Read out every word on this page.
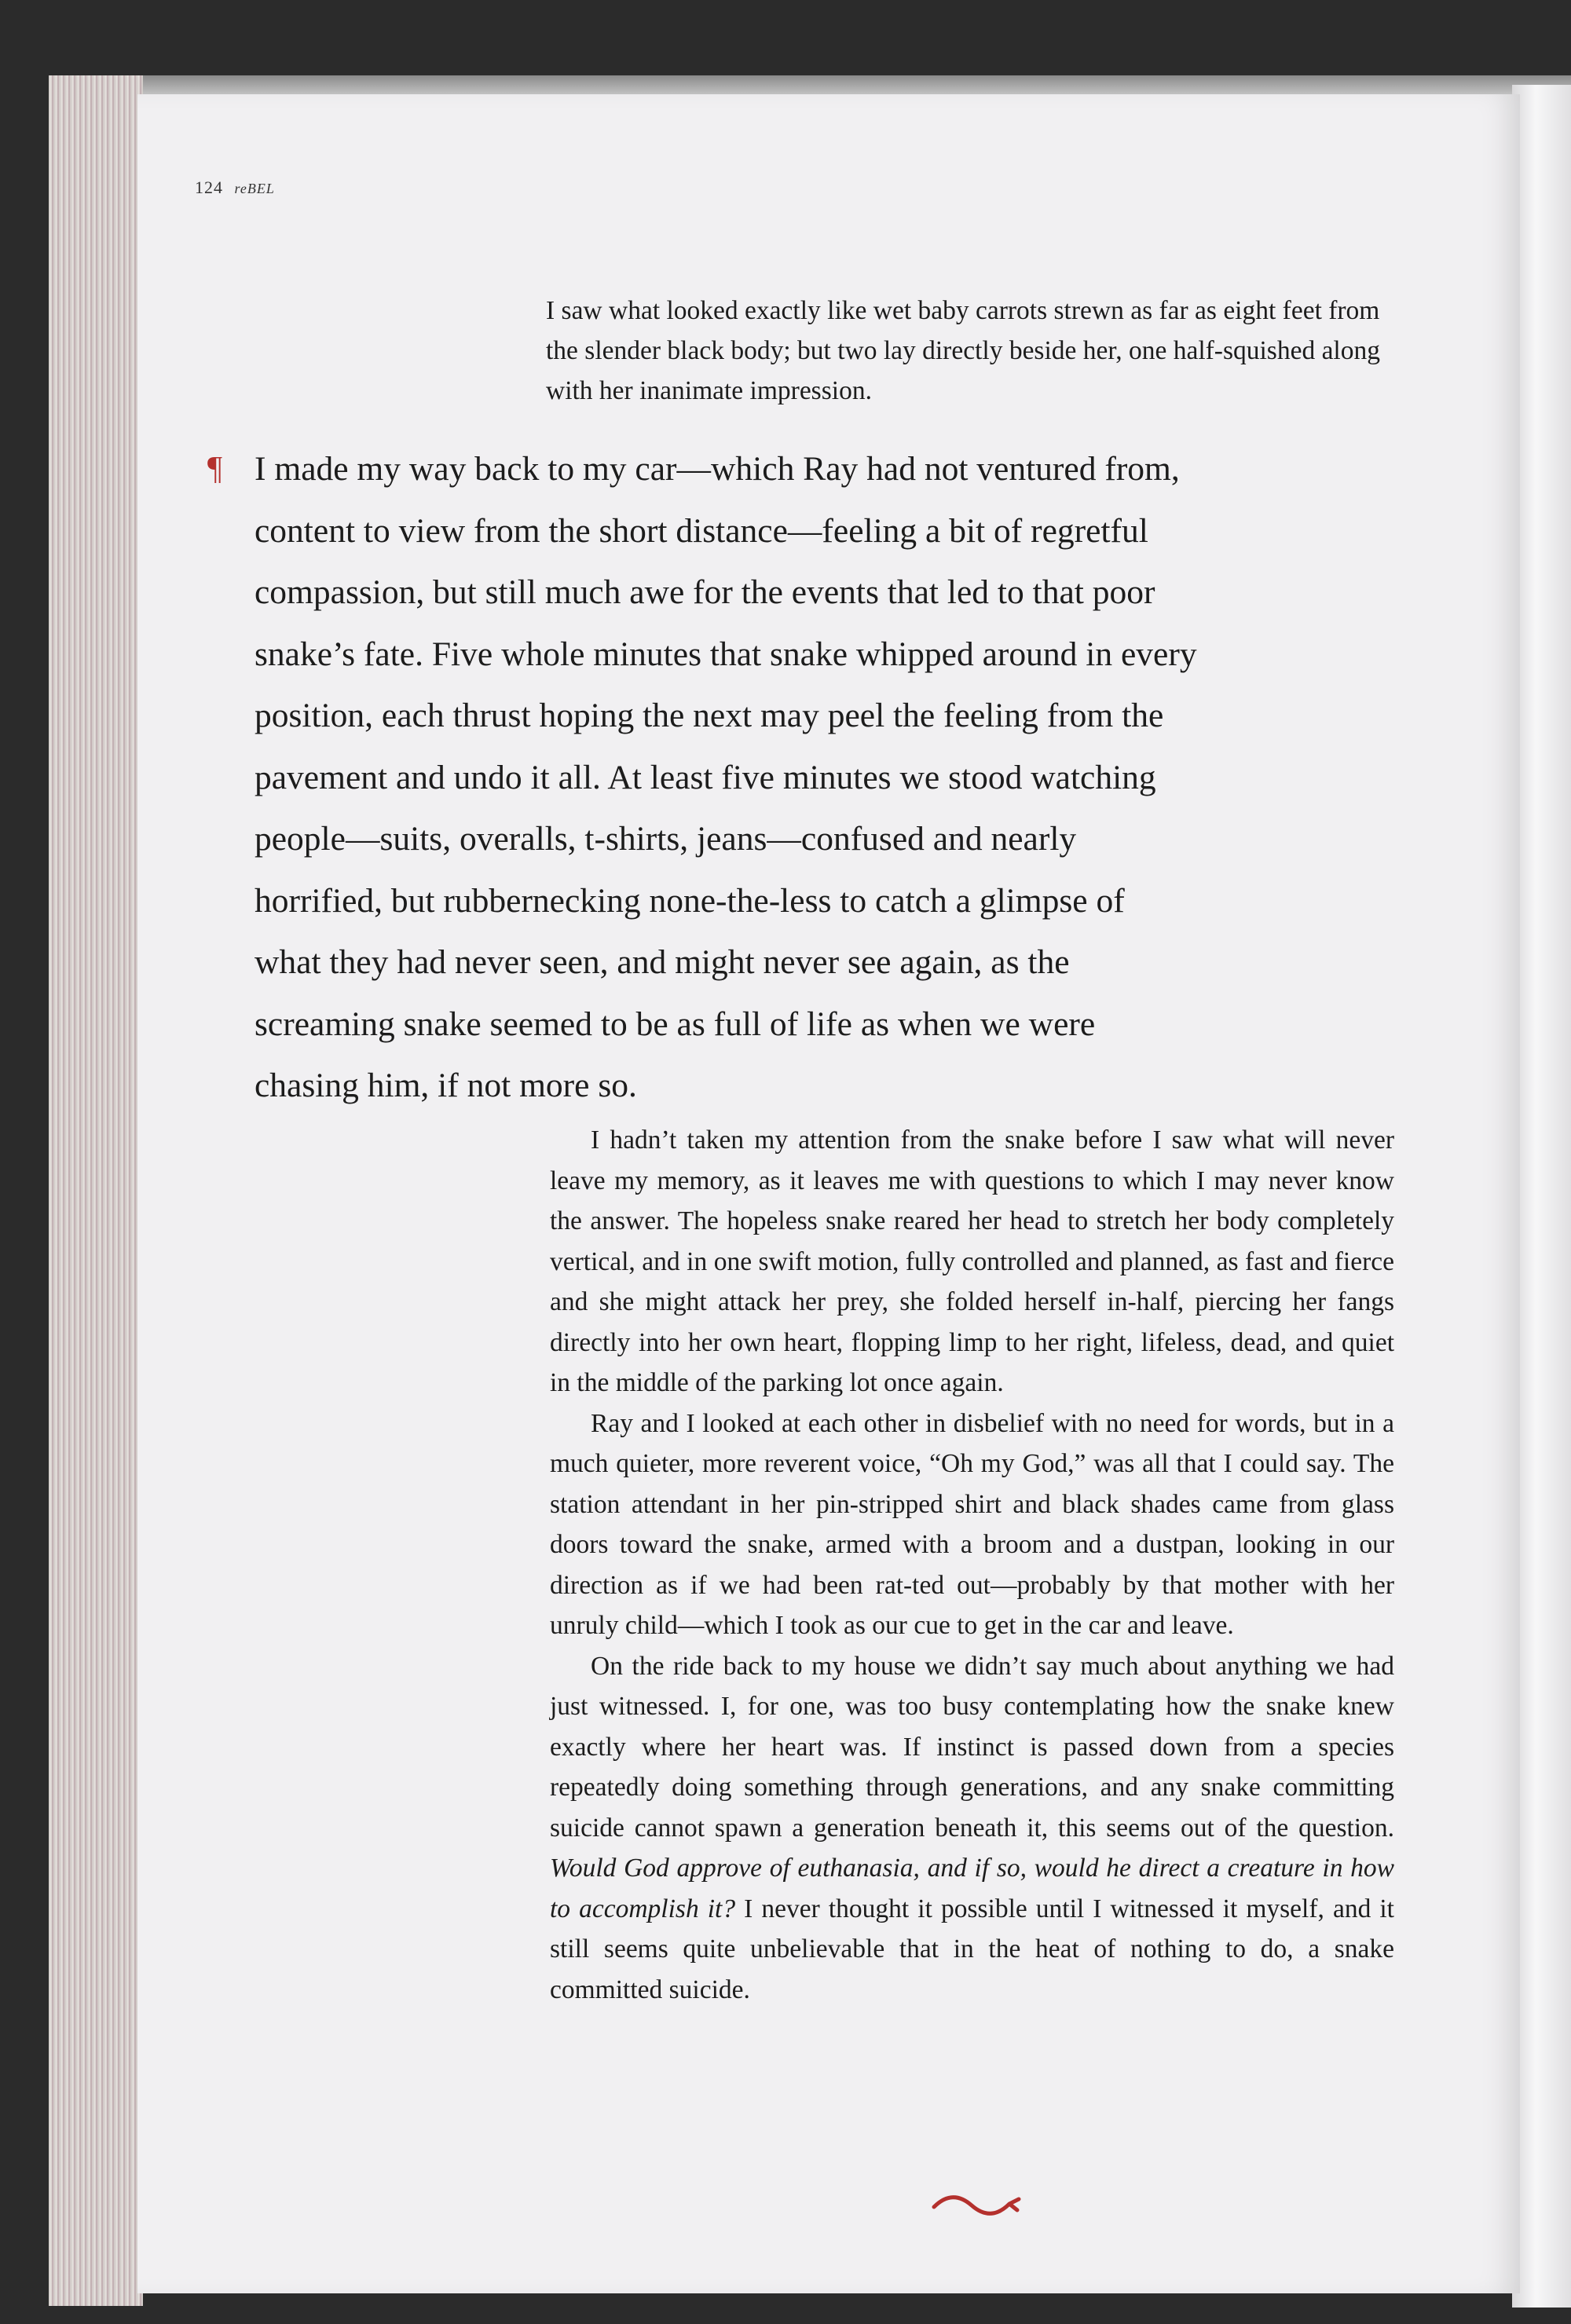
124 reBEL
I saw what looked exactly like wet baby carrots strewn as far as eight feet from the slender black body; but two lay directly beside her, one half-squished along with her inanimate impression.
¶ I made my way back to my car—which Ray had not ventured from,
content to view from the short distance—feeling a bit of regretful
compassion, but still much awe for the events that led to that poor
snake’s fate. Five whole minutes that snake whipped around in every
position, each thrust hoping the next may peel the feeling from the
pavement and undo it all. At least five minutes we stood watching
people—suits, overalls, t-shirts, jeans—confused and nearly
horrified, but rubbernecking none-the-less to catch a glimpse of
what they had never seen, and might never see again, as the
screaming snake seemed to be as full of life as when we were
chasing him, if not more so.

I hadn’t taken my attention from the snake before I saw what will never leave my memory, as it leaves me with questions to which I may never know the answer. The hopeless snake reared her head to stretch her body completely vertical, and in one swift motion, fully controlled and planned, as fast and fierce and she might attack her prey, she folded herself in-half, piercing her fangs directly into her own heart, flopping limp to her right, lifeless, dead, and quiet in the middle of the parking lot once again.

Ray and I looked at each other in disbelief with no need for words, but in a much quieter, more reverent voice, “Oh my God,” was all that I could say. The station attendant in her pin-stripped shirt and black shades came from glass doors toward the snake, armed with a broom and a dustpan, looking in our direction as if we had been rat-ted out—probably by that mother with her unruly child—which I took as our cue to get in the car and leave.

On the ride back to my house we didn’t say much about anything we had just witnessed. I, for one, was too busy contemplating how the snake knew exactly where her heart was. If instinct is passed down from a species repeatedly doing something through generations, and any snake committing suicide cannot spawn a generation beneath it, this seems out of the question. Would God approve of euthanasia, and if so, would he direct a creature in how to accomplish it? I never thought it possible until I witnessed it myself, and it still seems quite unbelievable that in the heat of nothing to do, a snake committed suicide.
